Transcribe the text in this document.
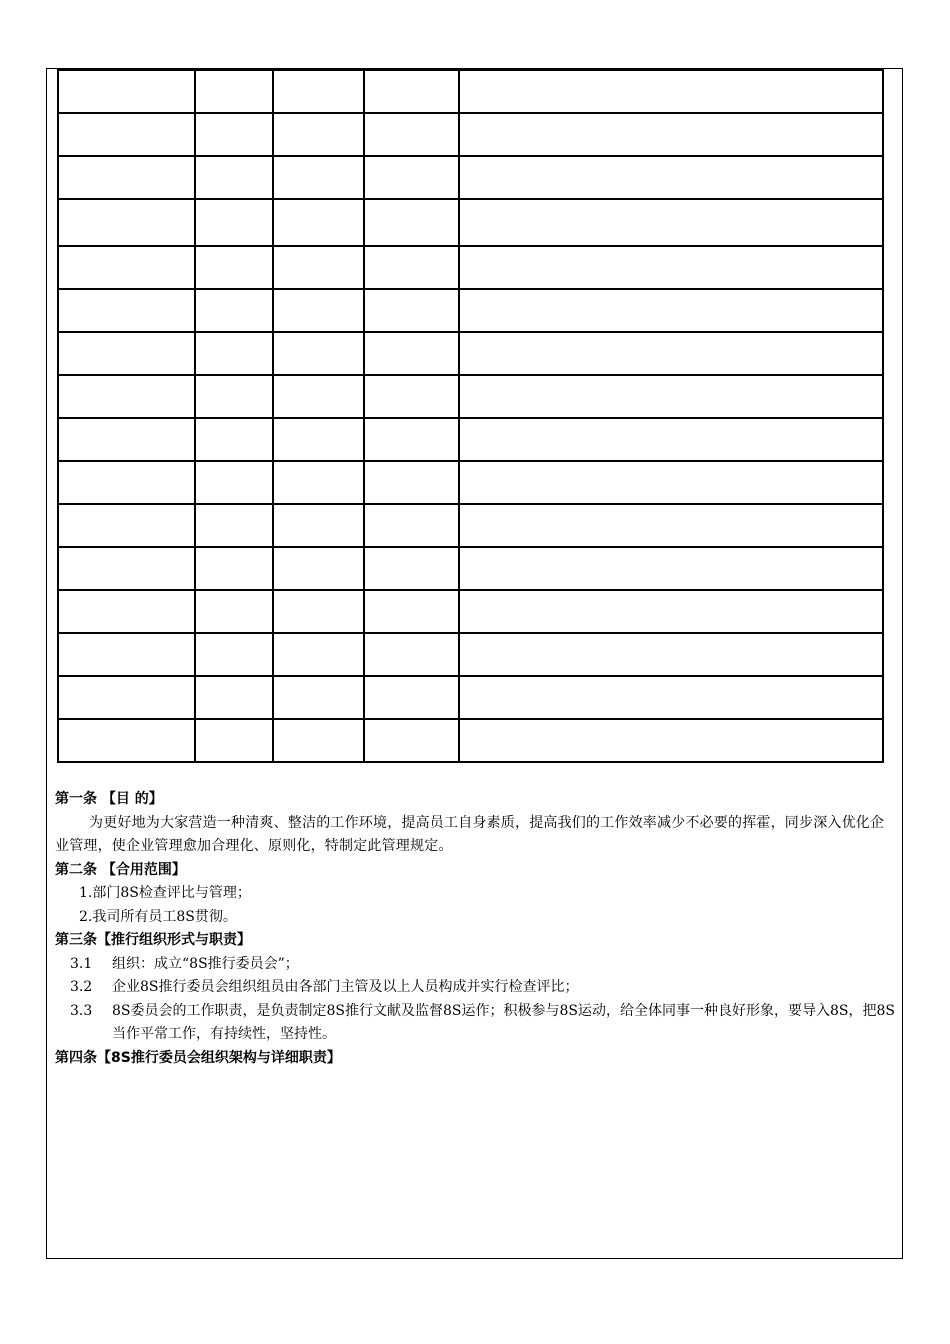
第一条 【目 的】
为更好地为大家营造一种清爽、整洁的工作环境，提高员工自身素质，提高我们的工作效率减少不必要的挥霍，同步深入优化企业管理，使企业管理愈加合理化、原则化，特制定此管理规定。
第二条 【合用范围】
1.部门8S检查评比与管理；
2.我司所有员工8S贯彻。
第三条【推行组织形式与职责】
3.1	组织：成立“8S推行委员会”；
3.2	企业8S推行委员会组织组员由各部门主管及以上人员构成并实行检查评比；
3.3	8S委员会的工作职责，是负责制定8S推行文献及监督8S运作；积极参与8S运动，给全体同事一种良好形象，要导入8S，把8S当作平常工作，有持续性，坚持性。
第四条【8S推行委员会组织架构与详细职责】
